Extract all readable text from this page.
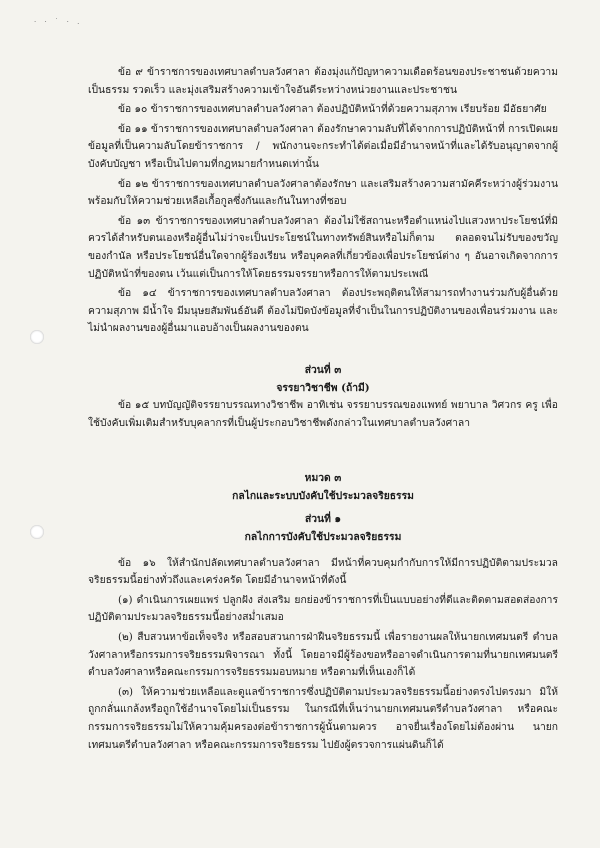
· · ˙ · .

ข้อ ๙ ข้าราชการของเทศบาลตำบลวังศาลา ต้องมุ่งแก้ปัญหาความเดือดร้อนของประชาชนด้วยความเป็นธรรม รวดเร็ว และมุ่งเสริมสร้างความเข้าใจอันดีระหว่างหน่วยงานและประชาชน

ข้อ ๑๐ ข้าราชการของเทศบาลตำบลวังศาลา ต้องปฏิบัติหน้าที่ด้วยความสุภาพ เรียบร้อย มีอัธยาศัย

ข้อ ๑๑ ข้าราชการของเทศบาลตำบลวังศาลา ต้องรักษาความลับที่ได้จากการปฏิบัติหน้าที่ การเปิดเผยข้อมูลที่เป็นความลับโดยข้าราชการ / พนักงานจะกระทำได้ต่อเมื่อมีอำนาจหน้าที่และได้รับอนุญาตจากผู้บังคับบัญชา หรือเป็นไปตามที่กฎหมายกำหนดเท่านั้น

ข้อ ๑๒ ข้าราชการของเทศบาลตำบลวังศาลาต้องรักษา และเสริมสร้างความสามัคคีระหว่างผู้ร่วมงานพร้อมกับให้ความช่วยเหลือเกื้อกูลซึ่งกันและกันในทางที่ชอบ

ข้อ ๑๓ ข้าราชการของเทศบาลตำบลวังศาลา ต้องไม่ใช้สถานะหรือตำแหน่งไปแสวงหาประโยชน์ที่มิควรได้สำหรับตนเองหรือผู้อื่นไม่ว่าจะเป็นประโยชน์ในทางทรัพย์สินหรือไม่ก็ตาม ตลอดจนไม่รับของขวัญ ของกำนัล หรือประโยชน์อื่นใดจากผู้ร้องเรียน หรือบุคคลที่เกี่ยวข้องเพื่อประโยชน์ต่าง ๆ อันอาจเกิดจากการปฏิบัติหน้าที่ของตน เว้นแต่เป็นการให้โดยธรรมจรรยาหรือการให้ตามประเพณี

ข้อ ๑๔ ข้าราชการของเทศบาลตำบลวังศาลา ต้องประพฤติตนให้สามารถทำงานร่วมกับผู้อื่นด้วยความสุภาพ มีน้ำใจ มีมนุษยสัมพันธ์อันดี ต้องไม่ปิดบังข้อมูลที่จำเป็นในการปฏิบัติงานของเพื่อนร่วมงาน และไม่นำผลงานของผู้อื่นมาแอบอ้างเป็นผลงานของตน

ส่วนที่ ๓

จรรยาวิชาชีพ (ถ้ามี)

ข้อ ๑๕ บทบัญญัติจรรยาบรรณทางวิชาชีพ อาทิเช่น จรรยาบรรณของแพทย์ พยาบาล วิศวกร ครู เพื่อใช้บังคับเพิ่มเติมสำหรับบุคลากรที่เป็นผู้ประกอบวิชาชีพดังกล่าวในเทศบาลตำบลวังศาลา

หมวด ๓

กลไกและระบบบังคับใช้ประมวลจริยธรรม

ส่วนที่ ๑

กลไกการบังคับใช้ประมวลจริยธรรม

ข้อ ๑๖ ให้สำนักปลัดเทศบาลตำบลวังศาลา มีหน้าที่ควบคุมกำกับการให้มีการปฏิบัติตามประมวลจริยธรรมนี้อย่างทั่วถึงและเคร่งครัด โดยมีอำนาจหน้าที่ดังนี้

(๑) ดำเนินการเผยแพร่ ปลูกฝัง ส่งเสริม ยกย่องข้าราชการที่เป็นแบบอย่างที่ดีและติดตามสอดส่องการปฏิบัติตามประมวลจริยธรรมนี้อย่างสม่ำเสมอ

(๒) สืบสวนหาข้อเท็จจริง หรือสอบสวนการฝ่าฝืนจริยธรรมนี้ เพื่อรายงานผลให้นายกเทศมนตรี ตำบลวังศาลาหรือกรรมการจริยธรรมพิจารณา ทั้งนี้ โดยอาจมีผู้ร้องขอหรืออาจดำเนินการตามที่นายกเทศมนตรีตำบลวังศาลาหรือคณะกรรมการจริยธรรมมอบหมาย หรือตามที่เห็นเองก็ได้

(๓) ให้ความช่วยเหลือและดูแลข้าราชการซึ่งปฏิบัติตามประมวลจริยธรรมนี้อย่างตรงไปตรงมา มิให้ถูกกลั่นแกล้งหรือถูกใช้อำนาจโดยไม่เป็นธรรม ในกรณีที่เห็นว่านายกเทศมนตรีตำบลวังศาลา หรือคณะกรรมการจริยธรรมไม่ให้ความคุ้มครองต่อข้าราชการผู้นั้นตามควร อาจยื่นเรื่องโดยไม่ต้องผ่าน นายกเทศมนตรีตำบลวังศาลา หรือคณะกรรมการจริยธรรม ไปยังผู้ตรวจการแผ่นดินก็ได้
